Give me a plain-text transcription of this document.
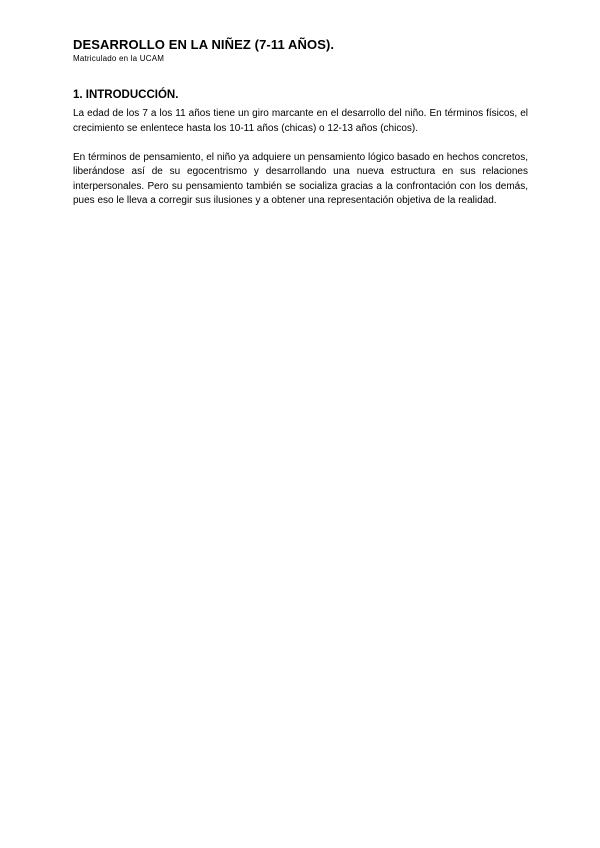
DESARROLLO EN LA NIÑEZ (7-11 AÑOS).
Matriculado en la UCAM
1. INTRODUCCIÓN.

La edad de los 7 a los 11 años tiene un giro marcante en el desarrollo del niño. En términos físicos, el crecimiento se enlentece hasta los 10-11 años (chicas) o 12-13 años (chicos).

En términos de pensamiento, el niño ya adquiere un pensamiento lógico basado en hechos concretos, liberándose así de su egocentrismo y desarrollando una nueva estructura en sus relaciones interpersonales. Pero su pensamiento también se socializa gracias a la confrontación con los demás, pues eso le lleva a corregir sus ilusiones y a obtener una representación objetiva de la realidad.
